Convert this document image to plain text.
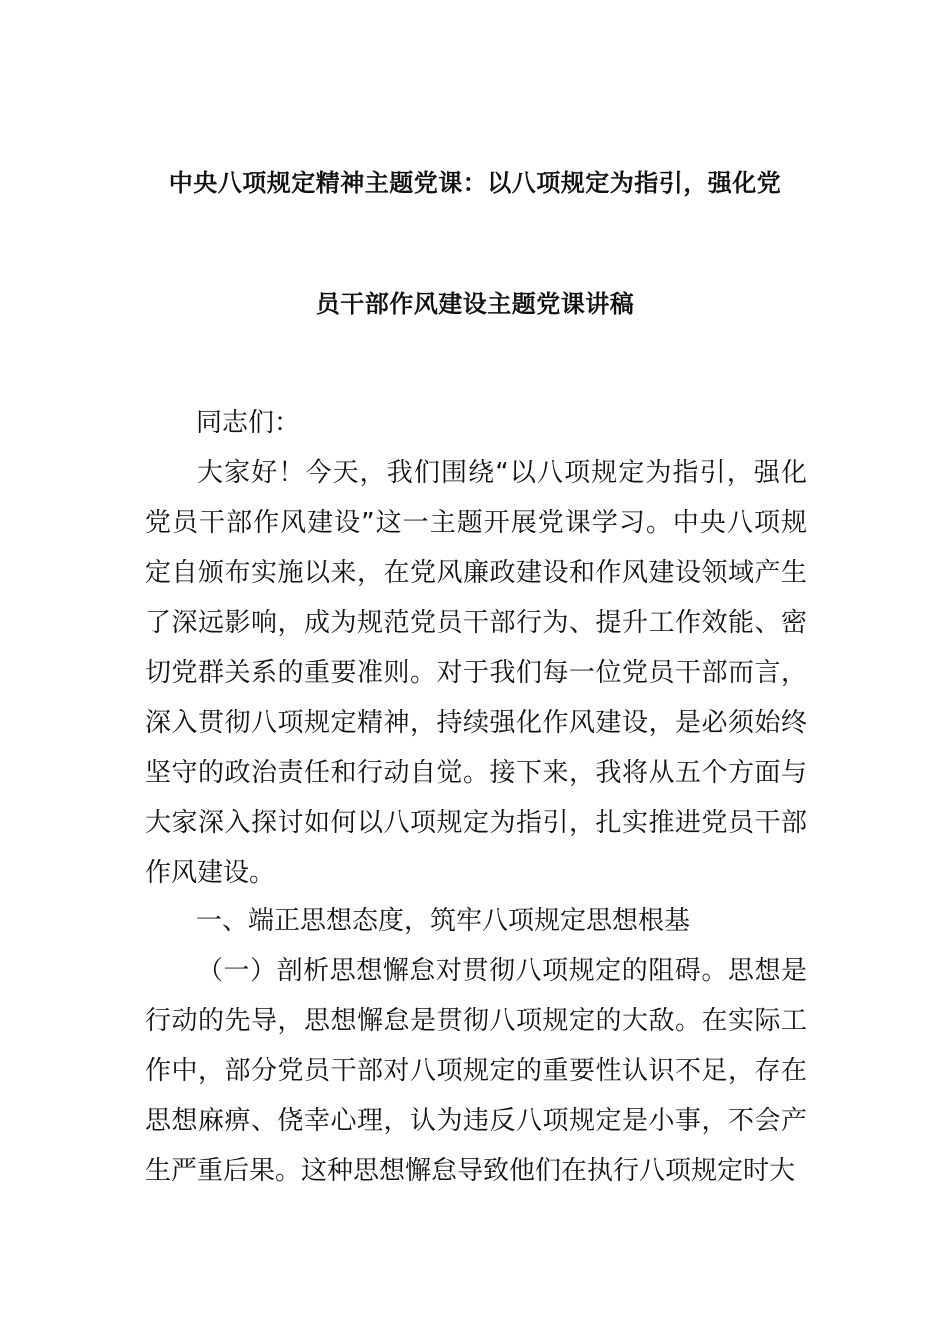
中央八项规定精神主题党课：以八项规定为指引，强化党
员干部作风建设主题党课讲稿
同志们：

大家好！今天，我们围绕“以八项规定为指引，强化党员干部作风建设”这一主题开展党课学习。中央八项规定自颁布实施以来，在党风廉政建设和作风建设领域产生了深远影响，成为规范党员干部行为、提升工作效能、密切党群关系的重要准则。对于我们每一位党员干部而言，深入贯彻八项规定精神，持续强化作风建设，是必须始终坚守的政治责任和行动自觉。接下来，我将从五个方面与大家深入探讨如何以八项规定为指引，扎实推进党员干部作风建设。

一、端正思想态度，筑牢八项规定思想根基

（一）剖析思想懈怠对贯彻八项规定的阻碍。思想是行动的先导，思想懈怠是贯彻八项规定的大敌。在实际工作中，部分党员干部对八项规定的重要性认识不足，存在思想麻痹、侥幸心理，认为违反八项规定是小事，不会产生严重后果。这种思想懈怠导致他们在执行八项规定时大
